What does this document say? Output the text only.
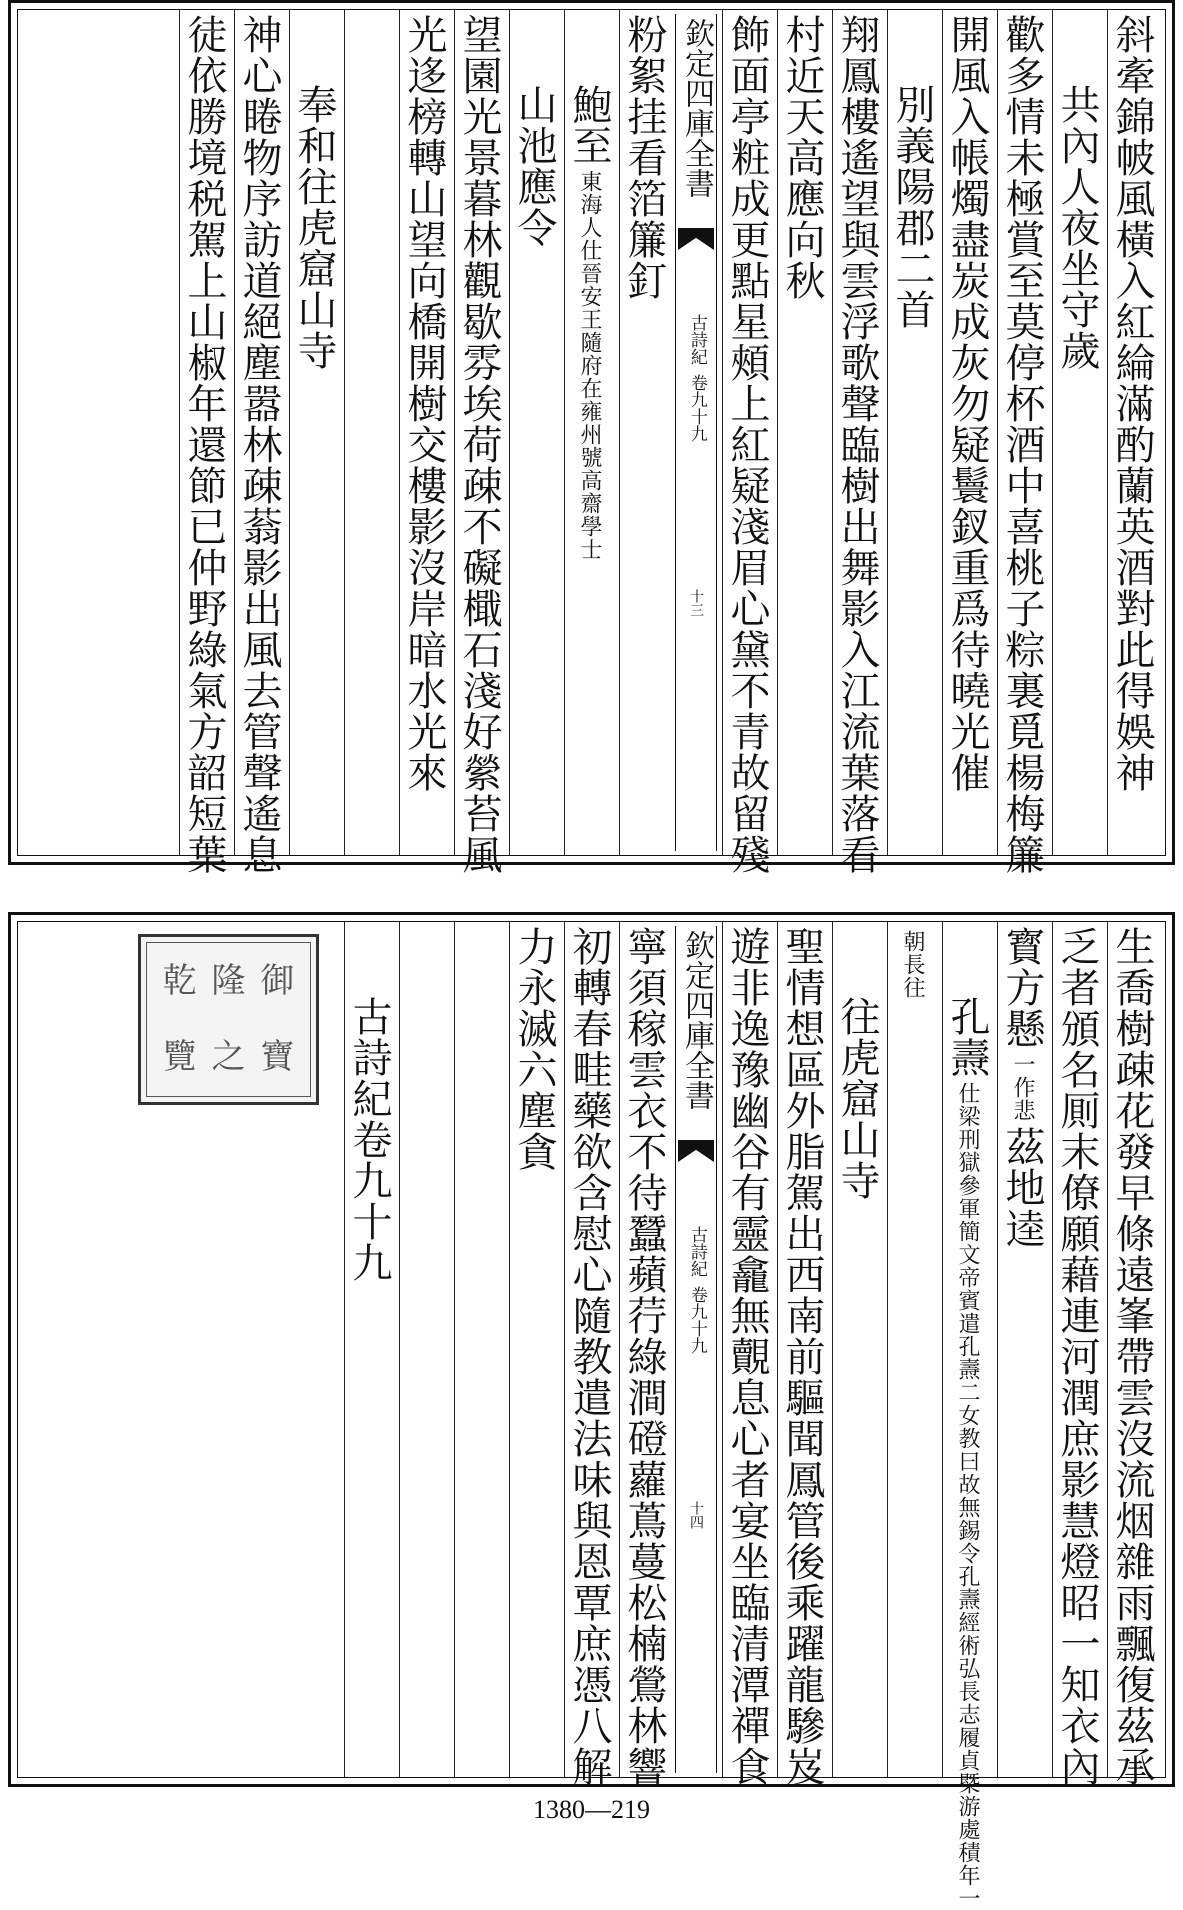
斜牽錦帔風橫入紅綸滿酌蘭英酒對此得娛神
共內人夜坐守歲
歡多情未極賞至莫停杯酒中喜桃子粽裏覓楊梅簾
開風入帳燭盡炭成灰勿疑鬟釵重爲待曉光催
別義陽郡二首
翔鳳樓遙望與雲浮歌聲臨樹出舞影入江流葉落看
村近天高應向秋
飾面亭粧成更點星頰上紅疑淺眉心黛不青故留殘
欽定四庫全書
古詩紀
卷九十九
十三
粉絮挂看箔簾釘
鮑至
東海人仕晉安王隨府在雍州號高齋學士
山池應令
望園光景暮林觀歇雰埃荷疎不礙檝石淺好縈苔風
光迻榜轉山望向橋開樹交樓影沒岸暗水光來
奉和往虎窟山寺
神心睠物序訪道絕塵嚣林疎蓊影出風去管聲遙息
徒依勝境税駕上山椒年還節已仲野綠氣方韶短葉
生喬樹疎花發早條遠峯帶雲沒流烟雜雨飄復茲承
乏者頒名厠末僚願藉連河潤庶影慧燈昭一知衣內
寳方懸
一作悲
茲地逵
孔燾
仕梁刑獄參軍簡文帝賓遣孔燾二女教曰故無錫令孔燾經術弘長志履貞槩游處積年一
朝長往
往虎窟山寺
聖情想區外脂駕出西南前驅聞鳳管後乘躍龍驂岌
遊非逸豫幽谷有靈龕無覿息心者宴坐臨清潭禪食
欽定四庫全書
古詩紀
卷九十九
十四
寧須稼雲衣不待蠶蘋荇綠澗磴蘿蔦蔓松楠鶯林響
初轉春畦藥欲含慰心隨教遣法味與恩覃庶憑八解
力永滅六塵貪
古詩紀卷九十九
乾 隆 御
覽 之 寶
1380—219
